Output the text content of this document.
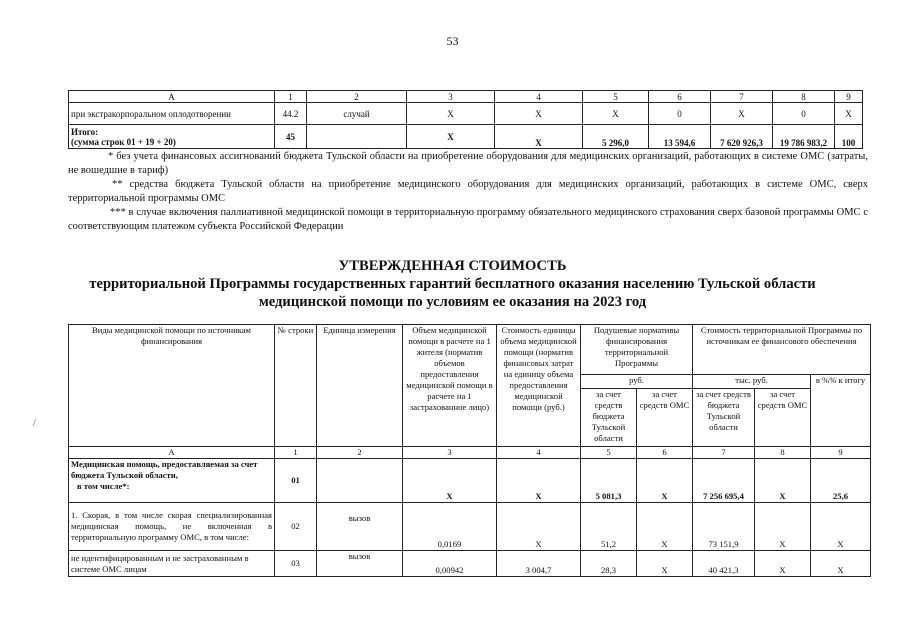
53
А	1	2	3	4	5	6	7	8	9
при экстракорпоральном оплодотворении	44.2	случай	X	X	X	0	X	0	X

Итого:
(сумма строк 01 + 19 + 20)	45		X	X	5 296,0	13 594,6	7 620 926,3	19 786 983,2	100

* без учета финансовых ассигнований бюджета Тульской области на приобретение оборудования для медицинских организаций, работающих в системе ОМС (затраты, не вошедшие в тариф)

** средства бюджета Тульской области на приобретение медицинского оборудования для медицинских организаций, работающих в системе ОМС, сверх территориальной программы ОМС

*** в случае включения паллиативной медицинской помощи в территориальную программу обязательного медицинского страхования сверх базовой программы ОМС с соответствующим платежом субъекта Российской Федерации

УТВЕРЖДЕННАЯ СТОИМОСТЬ
территориальной Программы государственных гарантий бесплатного оказания населению Тульской области
медицинской помощи по условиям ее оказания на 2023 год
/
Виды медицинской помощи по источникам финансирования	№ строки	Единица измерения	Объем медицинской помощи в расчете на 1 жителя (норматив объемов предоставления медицинской помощи в расчете на 1 застрахованное лицо)	Стоимость единицы объема медицинской помощи (норматив финансовых затрат на единицу объема предоставления медицинской помощи (руб.)	Подушевые нормативы финансирования территориальной Программы		Стоимость территориальной Программы по источникам ее финансового обеспечения		
					руб.		тыс. руб.		в %% к итогу
					за счет средств бюджета Тульской области	за счет средств ОМС	за счет средств бюджета Тульской области	за счет средств ОМС	
А	1	2	3	4	5	6	7	8	9

Медицинская помощь, предоставляемая за счет бюджета Тульской области,
в том числе*:	01		X	X	5 081,3	X	7 256 695,4	X	25,6
1. Скорая, в том числе скорая специализированная медицинская помощь, не включенная в территориальную программу ОМС, в том числе:	02	вызов	0,0169	X	51,2	X	73 151,9	X	X
не идентифицированным и не застрахованным в системе ОМС лицам	03	вызов	0,00942	3 004,7	28,3	X	40 421,3	X	X
